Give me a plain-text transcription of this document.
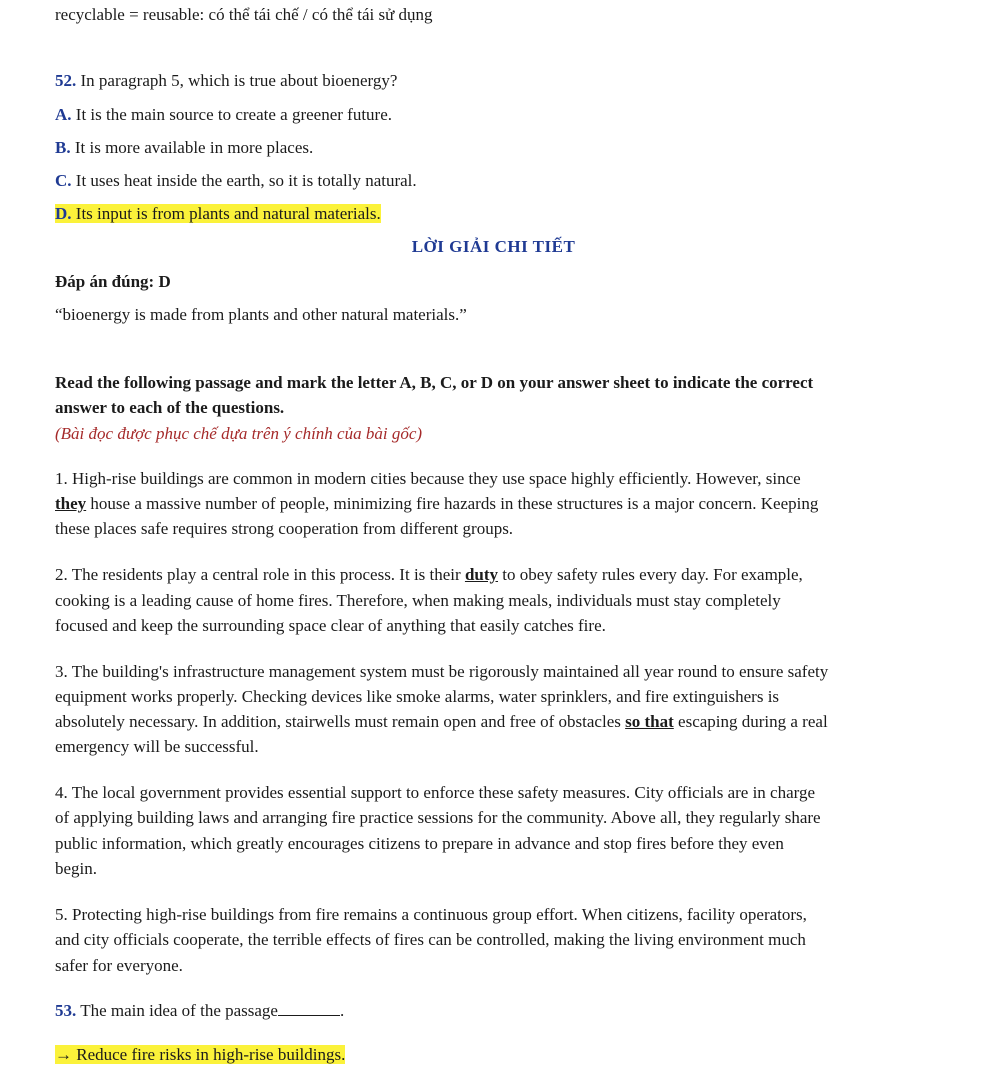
recyclable = reusable: có thể tái chế / có thể tái sử dụng
52. In paragraph 5, which is true about bioenergy?
A. It is the main source to create a greener future.
B. It is more available in more places.
C. It uses heat inside the earth, so it is totally natural.
D. Its input is from plants and natural materials.
LỜI GIẢI CHI TIẾT
Đáp án đúng: D
“bioenergy is made from plants and other natural materials.”
Read the following passage and mark the letter A, B, C, or D on your answer sheet to indicate the correct
answer to each of the questions.
(Bài đọc được phục chế dựa trên ý chính của bài gốc)
1. High-rise buildings are common in modern cities because they use space highly efficiently. However, since
they house a massive number of people, minimizing fire hazards in these structures is a major concern. Keeping
these places safe requires strong cooperation from different groups.
2. The residents play a central role in this process. It is their duty to obey safety rules every day. For example,
cooking is a leading cause of home fires. Therefore, when making meals, individuals must stay completely
focused and keep the surrounding space clear of anything that easily catches fire.
3. The building's infrastructure management system must be rigorously maintained all year round to ensure safety
equipment works properly. Checking devices like smoke alarms, water sprinklers, and fire extinguishers is
absolutely necessary. In addition, stairwells must remain open and free of obstacles so that escaping during a real
emergency will be successful.
4. The local government provides essential support to enforce these safety measures. City officials are in charge
of applying building laws and arranging fire practice sessions for the community. Above all, they regularly share
public information, which greatly encourages citizens to prepare in advance and stop fires before they even
begin.
5. Protecting high-rise buildings from fire remains a continuous group effort. When citizens, facility operators,
and city officials cooperate, the terrible effects of fires can be controlled, making the living environment much
safer for everyone.
53. The main idea of the passage	.
→ Reduce fire risks in high-rise buildings.
